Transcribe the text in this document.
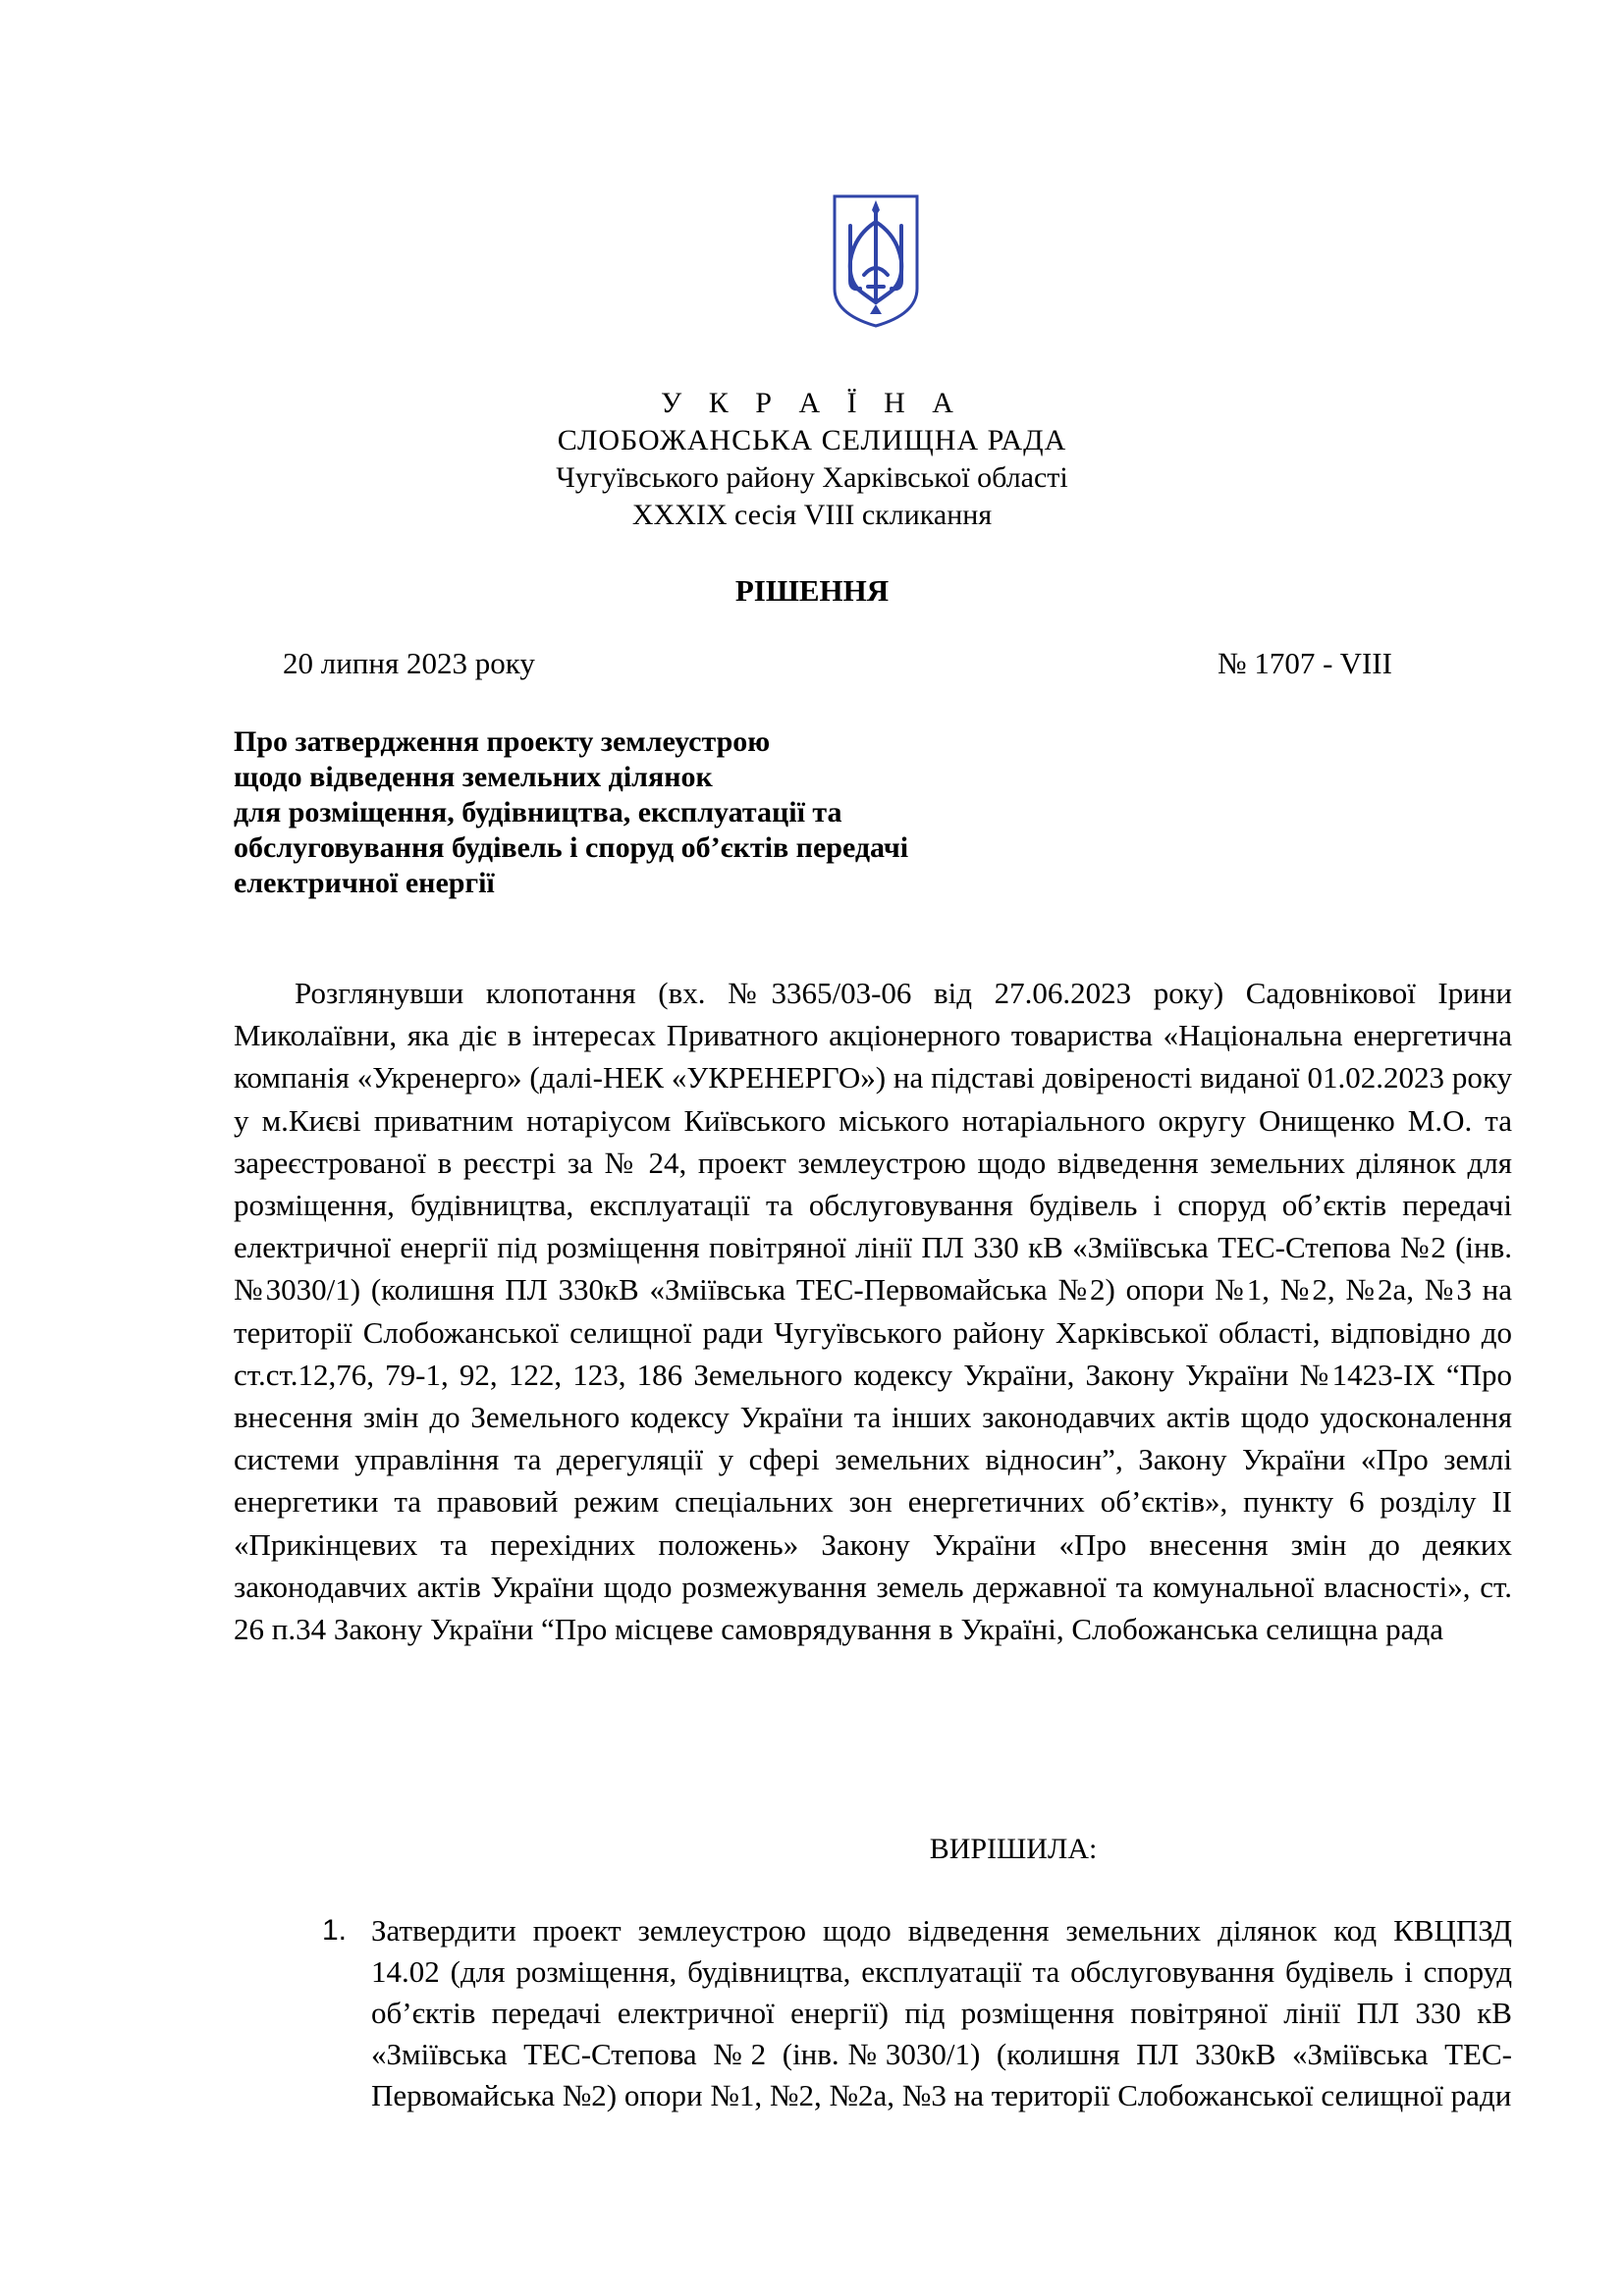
У К Р А Ї Н А
СЛОБОЖАНСЬКА СЕЛИЩНА РАДА
Чугуївського району Харківської області
XXXIX сесія VIII скликання
РІШЕННЯ
20 липня 2023 року	№ 1707 - VIII
Про затвердження проекту землеустрою
щодо відведення земельних ділянок
для розміщення, будівництва, експлуатації та
обслуговування будівель і споруд об’єктів передачі
електричної енергії

Розглянувши клопотання (вх. №3365/03-06 від 27.06.2023 року) Садовнікової Ірини Миколаївни, яка діє в інтересах Приватного акціонерного товариства «Національна енергетична компанія «Укренерго» (далі-НЕК «УКРЕНЕРГО») на підставі довіреності виданої 01.02.2023 року у м.Києві приватним нотаріусом Київського міського нотаріального округу Онищенко М.О. та зареєстрованої в реєстрі за № 24, проект землеустрою щодо відведення земельних ділянок для розміщення, будівництва, експлуатації та обслуговування будівель і споруд об’єктів передачі електричної енергії під розміщення повітряної лінії ПЛ 330 кВ «Зміївська ТЕС-Степова №2 (інв.№3030/1) (колишня ПЛ 330кВ «Зміївська ТЕС-Первомайська №2) опори №1, №2, №2а, №3 на території Слобожанської селищної ради Чугуївського району Харківської області, відповідно до ст.ст.12,76, 79-1, 92, 122, 123, 186 Земельного кодексу України, Закону України №1423-IX “Про внесення змін до Земельного кодексу України та інших законодавчих актів щодо удосконалення системи управління та дерегуляції у сфері земельних відносин”, Закону України «Про землі енергетики та правовий режим спеціальних зон енергетичних об’єктів», пункту 6 розділу ІІ «Прикінцевих та перехідних положень» Закону України «Про внесення змін до деяких законодавчих актів України щодо розмежування земель державної та комунальної власності», ст. 26 п.34 Закону України “Про місцеве самоврядування в Україні, Слобожанська селищна рада

ВИРІШИЛА:
1. Затвердити проект землеустрою щодо відведення земельних ділянок код КВЦПЗД 14.02 (для розміщення, будівництва, експлуатації та обслуговування будівель і споруд об’єктів передачі електричної енергії) під розміщення повітряної лінії ПЛ 330 кВ «Зміївська ТЕС-Степова №2 (інв.№3030/1) (колишня ПЛ 330кВ «Зміївська ТЕС-Первомайська №2) опори №1, №2, №2а, №3 на території Слобожанської селищної ради
